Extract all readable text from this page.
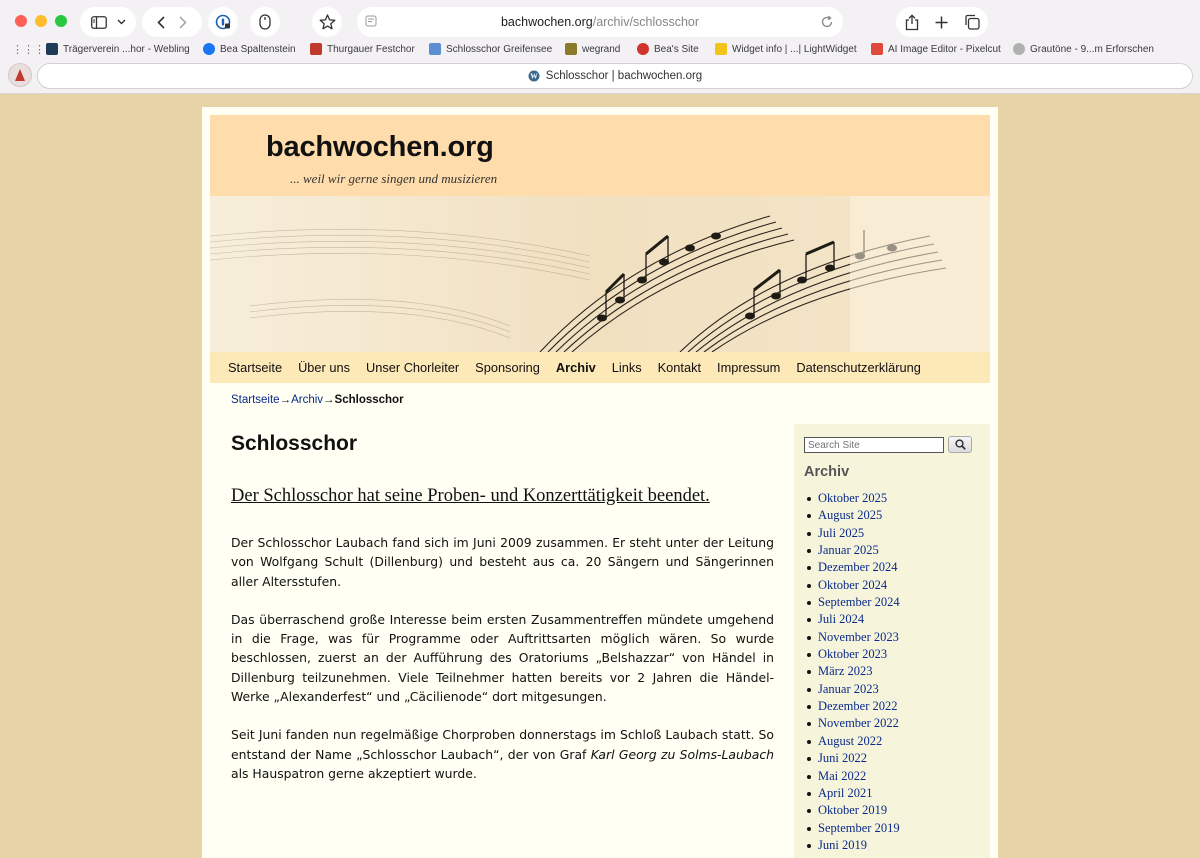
bachwochen.org/archiv/schlosschor
⋮⋮⋮ Trägerverein ...hor - Webling	Bea Spaltenstein	Thurgauer Festchor	Schlosschor Greifensee	wegrand	Bea's Site	Widget info | ...| LightWidget	AI Image Editor - Pixelcut	Grautöne - 9...m Erforschen
W Schlosschor | bachwochen.org
bachwochen.org
... weil wir gerne singen und musizieren
Startseite Über uns Unser Chorleiter Sponsoring Archiv Links Kontakt Impressum Datenschutzerklärung
Startseite→Archiv→Schlosschor
Schlosschor
Der Schlosschor hat seine Proben- und Konzerttätigkeit beendet.

Der Schlosschor Laubach fand sich im Juni 2009 zusammen. Er steht unter der Leitung von Wolfgang Schult (Dillenburg) und besteht aus ca. 20 Sängern und Sängerinnen aller Altersstufen.

Das überraschend große Interesse beim ersten Zusammentreffen mündete umgehend in die Frage, was für Programme oder Auftrittsarten möglich wären. So wurde beschlossen, zuerst an der Aufführung des Oratoriums „Belshazzar“ von Händel in Dillenburg teilzunehmen. Viele Teilnehmer hatten bereits vor 2 Jahren die Händel-Werke „Alexanderfest“ und „Cäcilienode“ dort mitgesungen.

Seit Juni fanden nun regelmäßige Chorproben donnerstags im Schloß Laubach statt. So entstand der Name „Schlosschor Laubach“, der von Graf Karl Georg zu Solms-Laubach als Hauspatron gerne akzeptiert wurde.

Search Site
Archiv
Oktober 2025
August 2025
Juli 2025
Januar 2025
Dezember 2024
Oktober 2024
September 2024
Juli 2024
November 2023
Oktober 2023
März 2023
Januar 2023
Dezember 2022
November 2022
August 2022
Juni 2022
Mai 2022
April 2021
Oktober 2019
September 2019
Juni 2019
